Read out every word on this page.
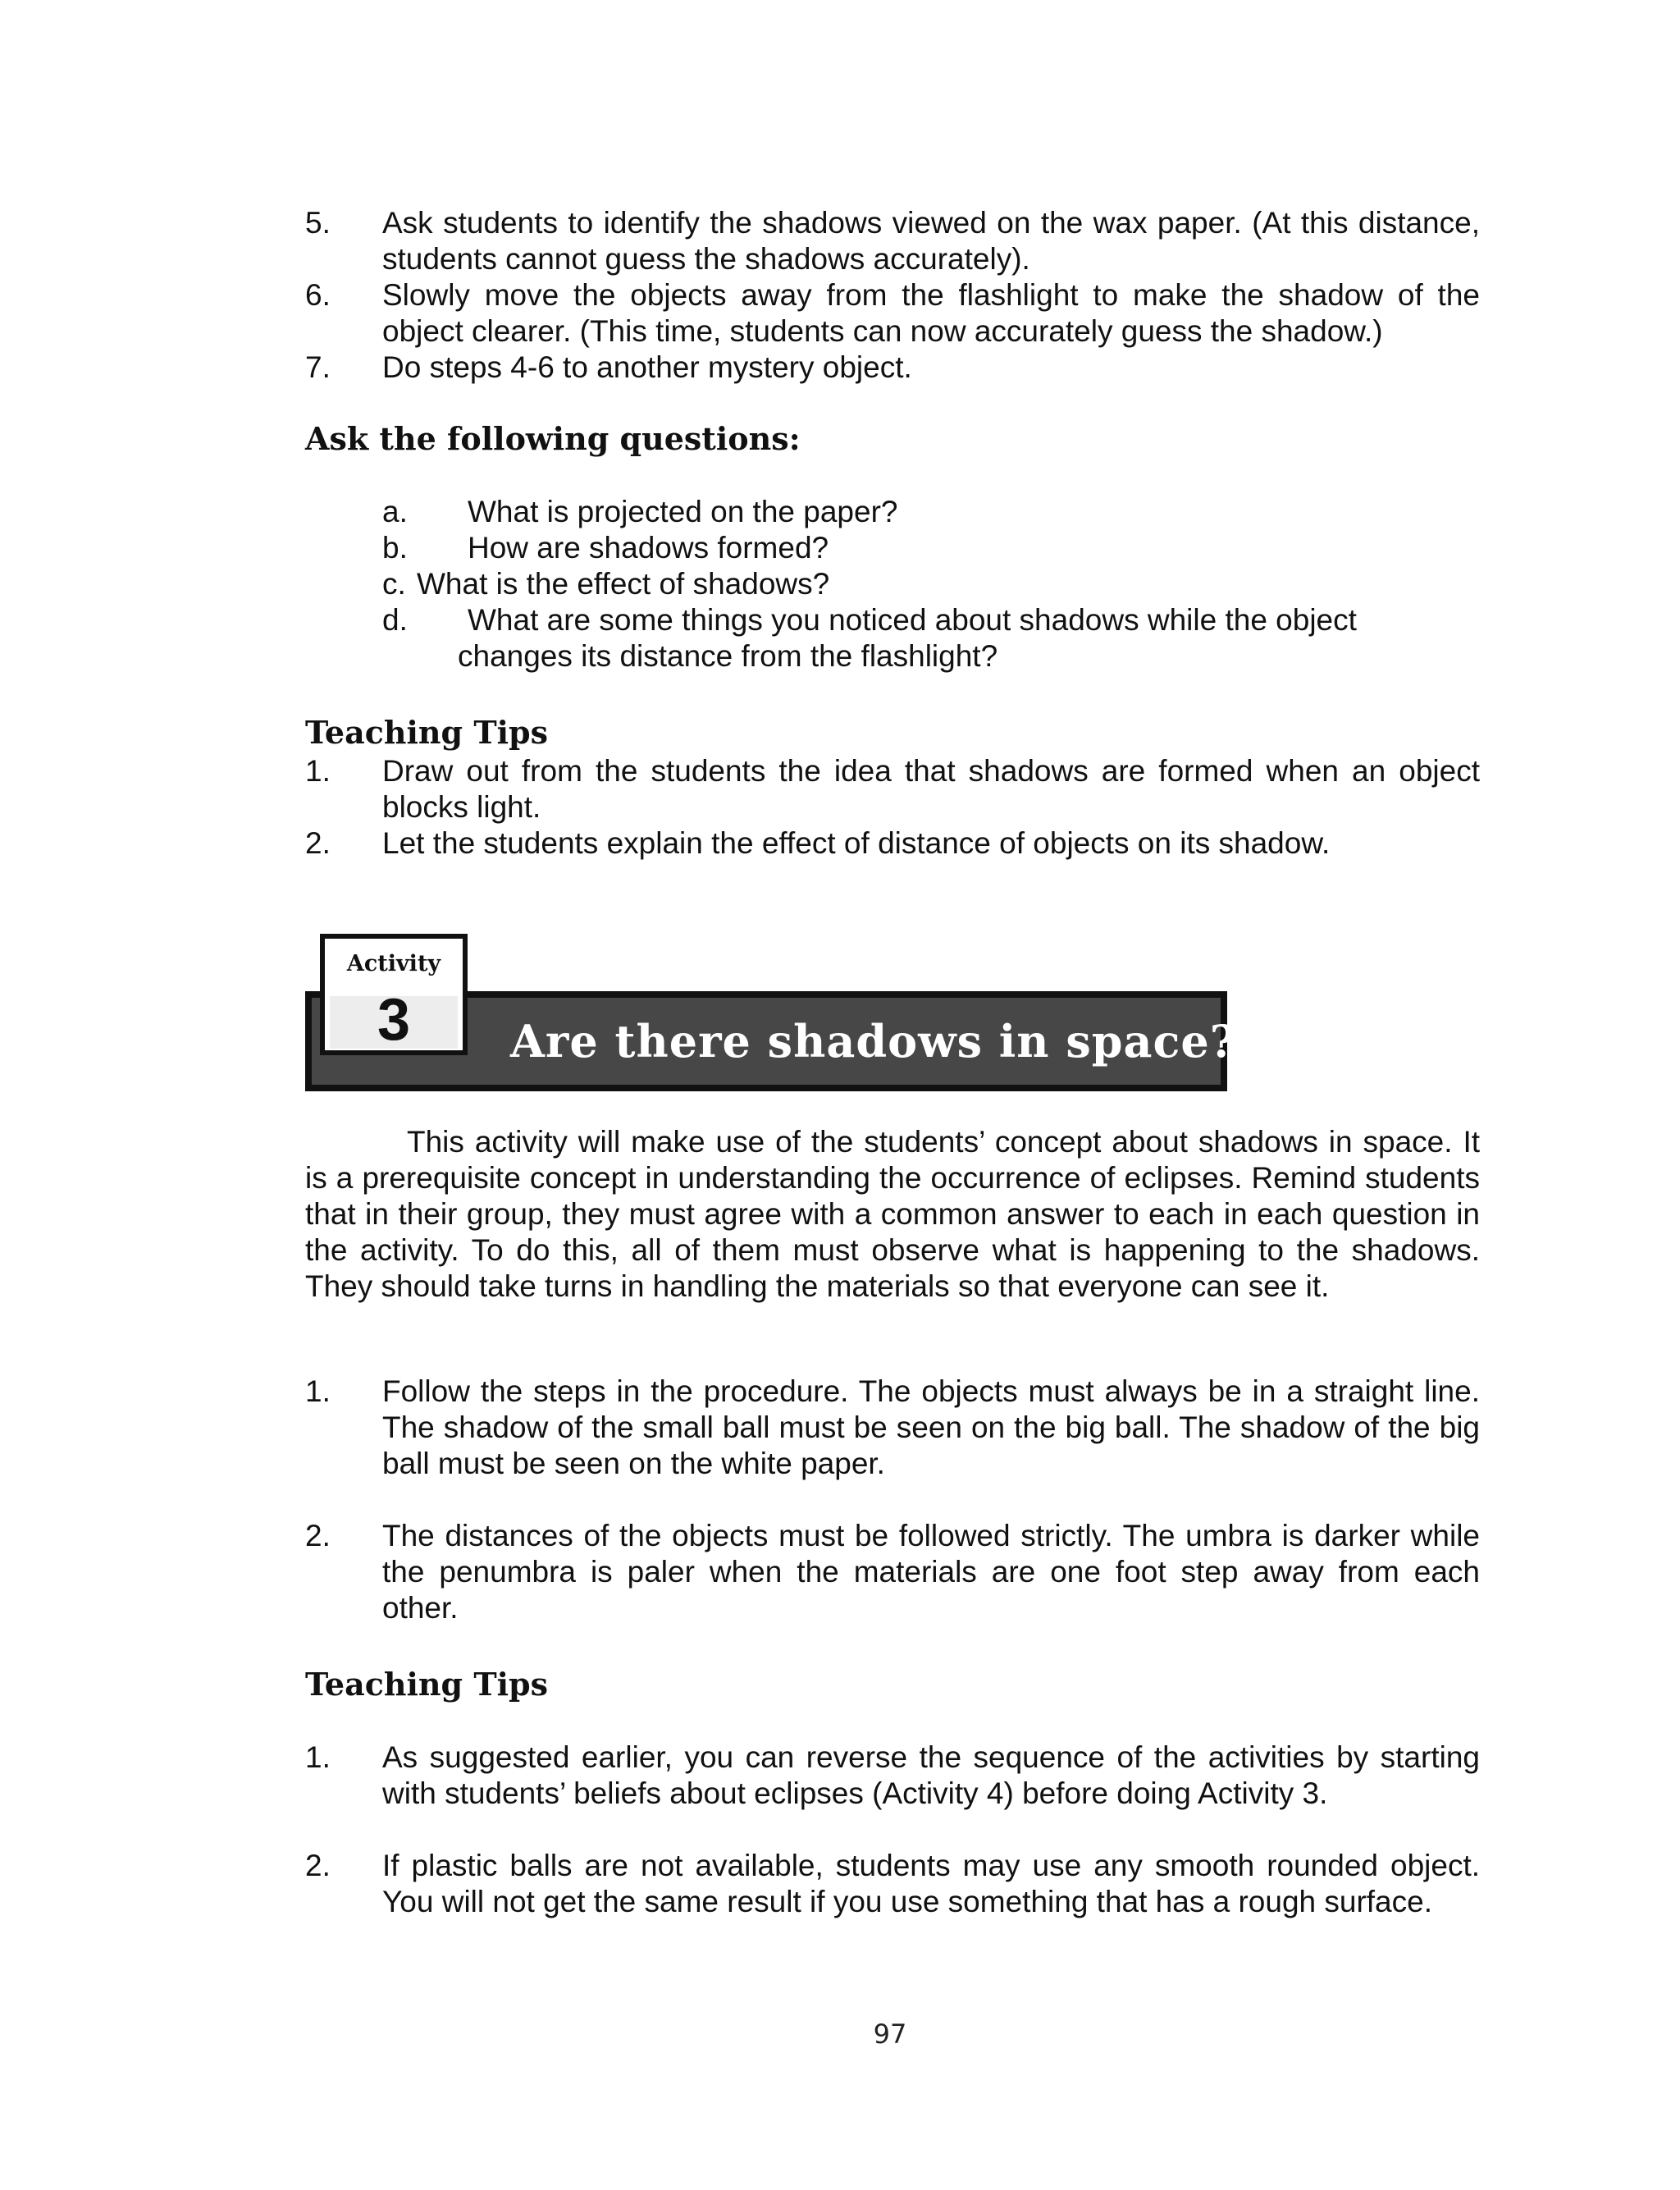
5. Ask students to identify the shadows viewed on the wax paper. (At this distance, students cannot guess the shadows accurately).
6. Slowly move the objects away from the flashlight to make the shadow of the object clearer. (This time, students can now accurately guess the shadow.)
7. Do steps 4-6 to another mystery object.
Ask the following questions:
a. What is projected on the paper?
b. How are shadows formed?
c. What is the effect of shadows?
d. What are some things you noticed about shadows while the object
changes its distance from the flashlight?
Teaching Tips
1. Draw out from the students the idea that shadows are formed when an object blocks light.
2. Let the students explain the effect of distance of objects on its shadow.
Are there shadows in space?
Activity
3
This activity will make use of the students’ concept about shadows in space. It is a prerequisite concept in understanding the occurrence of eclipses. Remind students that in their group, they must agree with a common answer to each in each question in the activity. To do this, all of them must observe what is happening to the shadows. They should take turns in handling the materials so that everyone can see it.
1. Follow the steps in the procedure. The objects must always be in a straight line. The shadow of the small ball must be seen on the big ball. The shadow of the big ball must be seen on the white paper.
2. The distances of the objects must be followed strictly. The umbra is darker while the penumbra is paler when the materials are one foot step away from each other.
Teaching Tips
1. As suggested earlier, you can reverse the sequence of the activities by starting with students’ beliefs about eclipses (Activity 4) before doing Activity 3.
2. If plastic balls are not available, students may use any smooth rounded object. You will not get the same result if you use something that has a rough surface.
97
